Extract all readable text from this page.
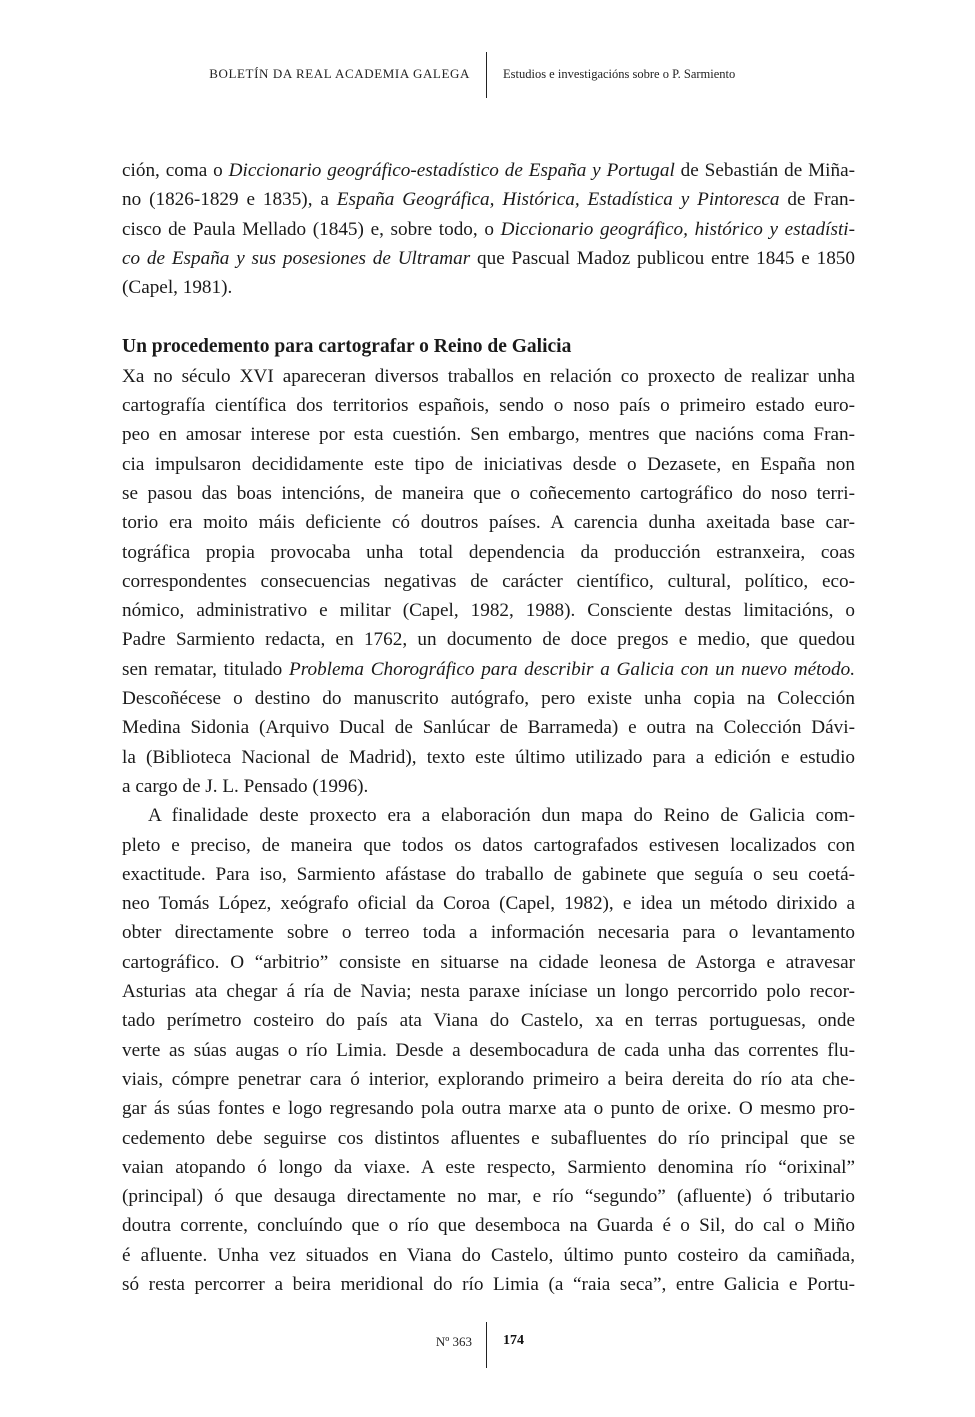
BOLETÍN DA REAL ACADEMIA GALEGA	Estudios e investigacións sobre o P. Sarmiento
ción, coma o Diccionario geográfico-estadístico de España y Portugal de Sebastián de Miña-
no (1826-1829 e 1835), a España Geográfica, Histórica, Estadística y Pintoresca de Fran-
cisco de Paula Mellado (1845) e, sobre todo, o Diccionario geográfico, histórico y estadísti-
co de España y sus posesiones de Ultramar que Pascual Madoz publicou entre 1845 e 1850
(Capel, 1981).
Un procedemento para cartografar o Reino de Galicia
Xa no século XVI apareceran diversos traballos en relación co proxecto de realizar unha
cartografía científica dos territorios españois, sendo o noso país o primeiro estado euro-
peo en amosar interese por esta cuestión. Sen embargo, mentres que nacións coma Fran-
cia impulsaron decididamente este tipo de iniciativas desde o Dezasete, en España non
se pasou das boas intencións, de maneira que o coñecemento cartográfico do noso terri-
torio era moito máis deficiente có doutros países. A carencia dunha axeitada base car-
tográfica propia provocaba unha total dependencia da producción estranxeira, coas
correspondentes consecuencias negativas de carácter científico, cultural, político, eco-
nómico, administrativo e militar (Capel, 1982, 1988). Consciente destas limitacións, o
Padre Sarmiento redacta, en 1762, un documento de doce pregos e medio, que quedou
sen rematar, titulado Problema Chorográfico para describir a Galicia con un nuevo método.
Descoñécese o destino do manuscrito autógrafo, pero existe unha copia na Colección
Medina Sidonia (Arquivo Ducal de Sanlúcar de Barrameda) e outra na Colección Dávi-
la (Biblioteca Nacional de Madrid), texto este último utilizado para a edición e estudio
a cargo de J. L. Pensado (1996).
A finalidade deste proxecto era a elaboración dun mapa do Reino de Galicia com-
pleto e preciso, de maneira que todos os datos cartografados estivesen localizados con
exactitude. Para iso, Sarmiento afástase do traballo de gabinete que seguía o seu coetá-
neo Tomás López, xeógrafo oficial da Coroa (Capel, 1982), e idea un método dirixido a
obter directamente sobre o terreo toda a información necesaria para o levantamento
cartográfico. O “arbitrio” consiste en situarse na cidade leonesa de Astorga e atravesar
Asturias ata chegar á ría de Navia; nesta paraxe iníciase un longo percorrido polo recor-
tado perímetro costeiro do país ata Viana do Castelo, xa en terras portuguesas, onde
verte as súas augas o río Limia. Desde a desembocadura de cada unha das correntes flu-
viais, cómpre penetrar cara ó interior, explorando primeiro a beira dereita do río ata che-
gar ás súas fontes e logo regresando pola outra marxe ata o punto de orixe. O mesmo pro-
cedemento debe seguirse cos distintos afluentes e subafluentes do río principal que se
vaian atopando ó longo da viaxe. A este respecto, Sarmiento denomina río “orixinal”
(principal) ó que desauga directamente no mar, e río “segundo” (afluente) ó tributario
doutra corrente, concluíndo que o río que desemboca na Guarda é o Sil, do cal o Miño
é afluente. Unha vez situados en Viana do Castelo, último punto costeiro da camiñada,
só resta percorrer a beira meridional do río Limia (a “raia seca”, entre Galicia e Portu-
Nº 363 174
